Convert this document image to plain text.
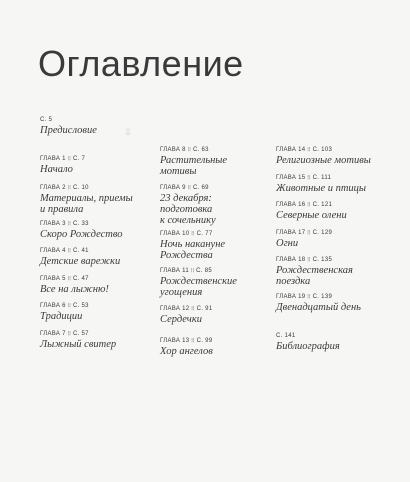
Оглавление
⦙⦙
С. 5
Предисловие
ГЛАВА 1 ⦙⦙ С. 7
Начало
ГЛАВА 2 ⦙⦙ С. 10
Материалы, приемы
и правила
ГЛАВА 3 ⦙⦙ С. 33
Скоро Рождество
ГЛАВА 4 ⦙⦙ С. 41
Детские варежки
ГЛАВА 5 ⦙⦙ С. 47
Все на лыжню!
ГЛАВА 6 ⦙⦙ С. 53
Традиции
ГЛАВА 7 ⦙⦙ С. 57
Лыжный свитер
ГЛАВА 8 ⦙⦙ С. 63
Растительные
мотивы
ГЛАВА 9 ⦙⦙ С. 69
23 декабря:
подготовка
к сочельнику
ГЛАВА 10 ⦙⦙ С. 77
Ночь накануне
Рождества
ГЛАВА 11 ⦙⦙ С. 85
Рождественские
угощения
ГЛАВА 12 ⦙⦙ С. 91
Сердечки
ГЛАВА 13 ⦙⦙ С. 99
Хор ангелов
ГЛАВА 14 ⦙⦙ С. 103
Религиозные мотивы
ГЛАВА 15 ⦙⦙ С. 111
Животные и птицы
ГЛАВА 16 ⦙⦙ С. 121
Северные олени
ГЛАВА 17 ⦙⦙ С. 129
Огни
ГЛАВА 18 ⦙⦙ С. 135
Рождественская
поездка
ГЛАВА 19 ⦙⦙ С. 139
Двенадцатый день
С. 141
Библиография
